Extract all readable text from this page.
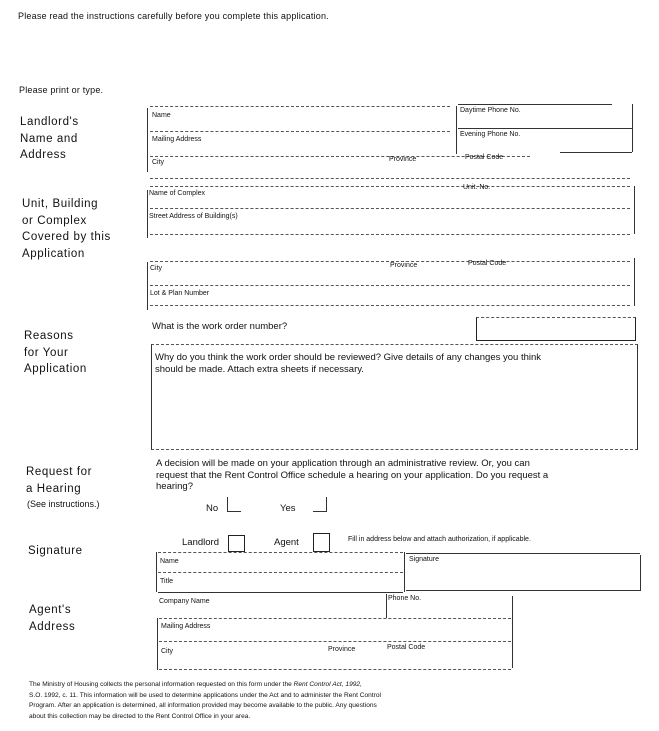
Please read the instructions carefully before you complete this application.
Please print or type.
Landlord's
Name and
Address
Name
Daytime Phone No.
Mailing Address
Evening Phone No.
City	Province	Postal Code
Unit, Building
or Complex
Covered by this
Application
Name of Complex
Unit. No.
Street Address of Building(s)
City	Province	Postal Code
Lot & Plan Number
Reasons
for Your
Application
What is the work order number?
Why do you think the work order should be reviewed? Give details of any changes you think
should be made. Attach extra sheets if necessary.
Request for
a Hearing
(See instructions.)
A decision will be made on your application through an administrative review. Or, you can
request that the Rent Control Office schedule a hearing on your application. Do you request a
hearing?
No	Yes
Signature
Landlord	Agent	Fill in address below and attach authorization, if applicable.
Name	Signature
Title
Agent's
Address
Company Name	Phone No.
Mailing Address
City	Province	Postal Code
The Ministry of Housing collects the personal information requested on this form under the Rent Control Act, 1992,
S.O. 1992, c. 11. This information will be used to determine applications under the Act and to administer the Rent Control
Program. After an application is determined, all information provided may become available to the public. Any questions
about this collection may be directed to the Rent Control Office in your area.
